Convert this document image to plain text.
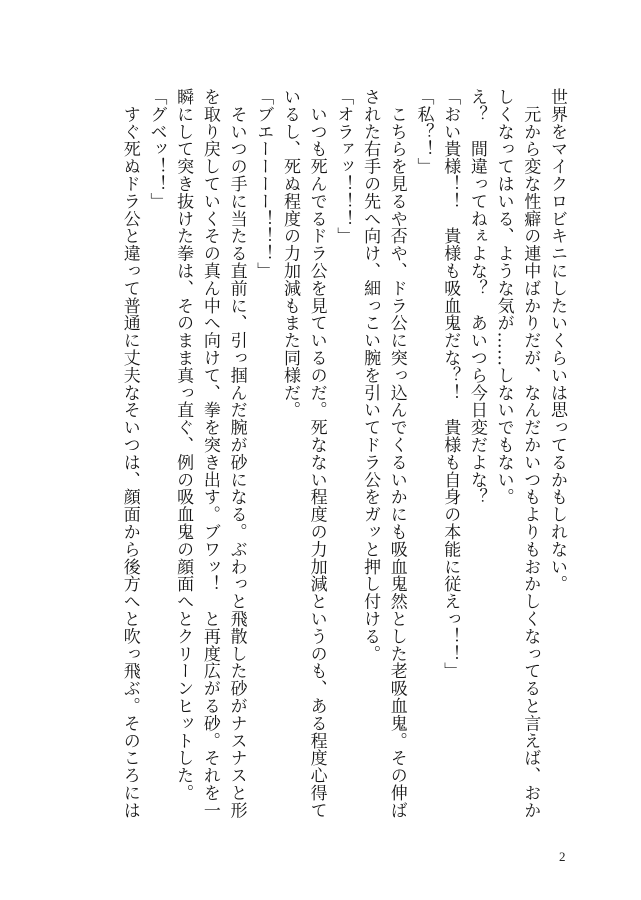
世界をマイクロビキニにしたいくらいは思ってるかもしれない。
　元から変な性癖の連中ばかりだが、なんだかいつもよりもおかしくなってると言えば、おか
しくなってはいる、ような気が……しないでもない。
え？　間違ってねぇよな？　あいつら今日変だよな？
「おい貴様！！　貴様も吸血鬼だな？！　貴様も自身の本能に従えっ！！」
「私？！」
　こちらを見るや否や、ドラ公に突っ込んでくるいかにも吸血鬼然とした老吸血鬼。その伸ば
された右手の先へ向け、細っこい腕を引いてドラ公をガッと押し付ける。
「オラァッ！！！」
　いつも死んでるドラ公を見ているのだ。死なない程度の力加減というのも、ある程度心得て
いるし、死ぬ程度の力加減もまた同様だ。
「ブエーーーー！！！」
　そいつの手に当たる直前に、引っ掴んだ腕が砂になる。ぶわっと飛散した砂がナスナスと形
を取り戻していくその真ん中へ向けて、拳を突き出す。ブワッ！　と再度広がる砂。それを一
瞬にして突き抜けた拳は、そのまま真っ直ぐ、例の吸血鬼の顔面へとクリーンヒットした。
「グベッ！！」
　すぐ死ぬドラ公と違って普通に丈夫なそいつは、顔面から後方へと吹っ飛ぶ。そのころには
2
